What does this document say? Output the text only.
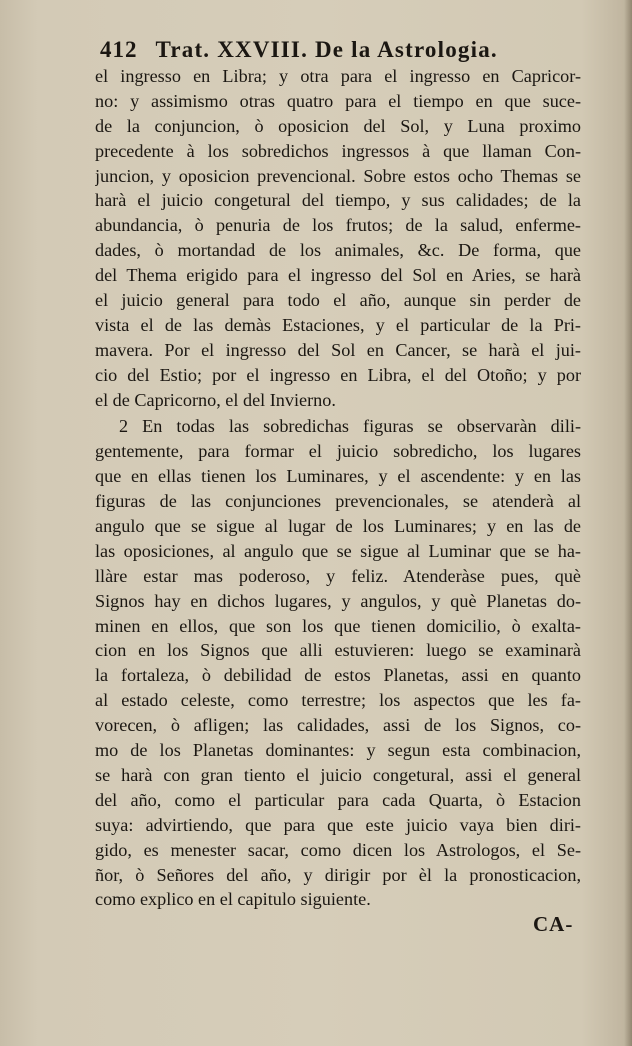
412 Trat. XXVIII. De la Astrologia.
el ingresso en Libra; y otra para el ingresso en Capricor-
no: y assimismo otras quatro para el tiempo en que suce-
de la conjuncion, ò oposicion del Sol, y Luna proximo
precedente à los sobredichos ingressos à que llaman Con-
juncion, y oposicion prevencional. Sobre estos ocho Themas se
harà el juicio congetural del tiempo, y sus calidades; de la
abundancia, ò penuria de los frutos; de la salud, enferme-
dades, ò mortandad de los animales, &c. De forma, que
del Thema erigido para el ingresso del Sol en Aries, se harà
el juicio general para todo el año, aunque sin perder de
vista el de las demàs Estaciones, y el particular de la Pri-
mavera. Por el ingresso del Sol en Cancer, se harà el jui-
cio del Estio; por el ingresso en Libra, el del Otoño; y por
el de Capricorno, el del Invierno.
2 En todas las sobredichas figuras se observaràn dili-
gentemente, para formar el juicio sobredicho, los lugares
que en ellas tienen los Luminares, y el ascendente: y en las
figuras de las conjunciones prevencionales, se atenderà al
angulo que se sigue al lugar de los Luminares; y en las de
las oposiciones, al angulo que se sigue al Luminar que se ha-
llàre estar mas poderoso, y feliz. Atenderàse pues, què
Signos hay en dichos lugares, y angulos, y què Planetas do-
minen en ellos, que son los que tienen domicilio, ò exalta-
cion en los Signos que alli estuvieren: luego se examinarà
la fortaleza, ò debilidad de estos Planetas, assi en quanto
al estado celeste, como terrestre; los aspectos que les fa-
vorecen, ò afligen; las calidades, assi de los Signos, co-
mo de los Planetas dominantes: y segun esta combinacion,
se harà con gran tiento el juicio congetural, assi el general
del año, como el particular para cada Quarta, ò Estacion
suya: advirtiendo, que para que este juicio vaya bien diri-
gido, es menester sacar, como dicen los Astrologos, el Se-
ñor, ò Señores del año, y dirigir por èl la pronosticacion,
como explico en el capitulo siguiente.
CA-
